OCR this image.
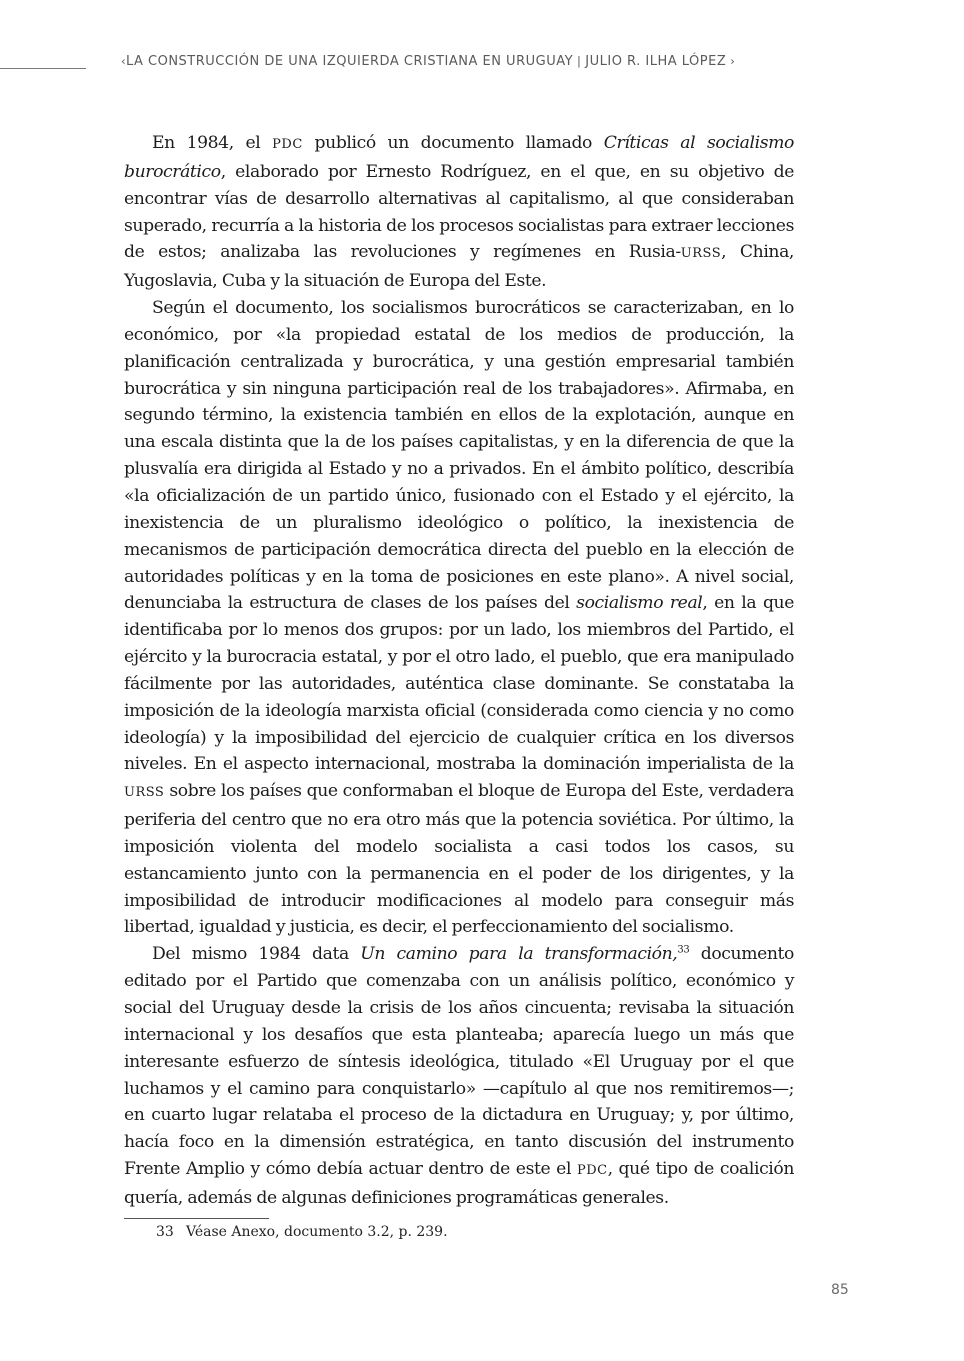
‹LA CONSTRUCCIÓN DE UNA IZQUIERDA CRISTIANA EN URUGUAY | JULIO R. ILHA LÓPEZ ›

En 1984, el PDC publicó un documento llamado Críticas al socialismo burocrático, elaborado por Ernesto Rodríguez, en el que, en su objetivo de encontrar vías de desarrollo alternativas al capitalismo, al que consideraban superado, recurría a la historia de los procesos socialistas para extraer lecciones de estos; analizaba las revoluciones y regímenes en Rusia-URSS, China, Yugoslavia, Cuba y la situación de Europa del Este.

Según el documento, los socialismos burocráticos se caracterizaban, en lo económico, por «la propiedad estatal de los medios de producción, la planificación centralizada y burocrática, y una gestión empresarial también burocrática y sin ninguna participación real de los trabajadores». Afirmaba, en segundo término, la existencia también en ellos de la explotación, aunque en una escala distinta que la de los países capitalistas, y en la diferencia de que la plusvalía era dirigida al Estado y no a privados. En el ámbito político, describía «la oficialización de un partido único, fusionado con el Estado y el ejército, la inexistencia de un pluralismo ideológico o político, la inexistencia de mecanismos de participación democrática directa del pueblo en la elección de autoridades políticas y en la toma de posiciones en este plano». A nivel social, denunciaba la estructura de clases de los países del socialismo real, en la que identificaba por lo menos dos grupos: por un lado, los miembros del Partido, el ejército y la burocracia estatal, y por el otro lado, el pueblo, que era manipulado fácilmente por las autoridades, auténtica clase dominante. Se constataba la imposición de la ideología marxista oficial (considerada como ciencia y no como ideología) y la imposibilidad del ejercicio de cualquier crítica en los diversos niveles. En el aspecto internacional, mostraba la dominación imperialista de la URSS sobre los países que conformaban el bloque de Europa del Este, verdadera periferia del centro que no era otro más que la potencia soviética. Por último, la imposición violenta del modelo socialista a casi todos los casos, su estancamiento junto con la permanencia en el poder de los dirigentes, y la imposibilidad de introducir modificaciones al modelo para conseguir más libertad, igualdad y justicia, es decir, el perfeccionamiento del socialismo.

Del mismo 1984 data Un camino para la transformación,$^{33}$ documento editado por el Partido que comenzaba con un análisis político, económico y social del Uruguay desde la crisis de los años cincuenta; revisaba la situación internacional y los desafíos que esta planteaba; aparecía luego un más que interesante esfuerzo de síntesis ideológica, titulado «El Uruguay por el que luchamos y el camino para conquistarlo» —capítulo al que nos remitiremos—; en cuarto lugar relataba el proceso de la dictadura en Uruguay; y, por último, hacía foco en la dimensión estratégica, en tanto discusión del instrumento Frente Amplio y cómo debía actuar dentro de este el PDC, qué tipo de coalición quería, además de algunas definiciones programáticas generales.

33 Véase Anexo, documento 3.2, p. 239.
85
